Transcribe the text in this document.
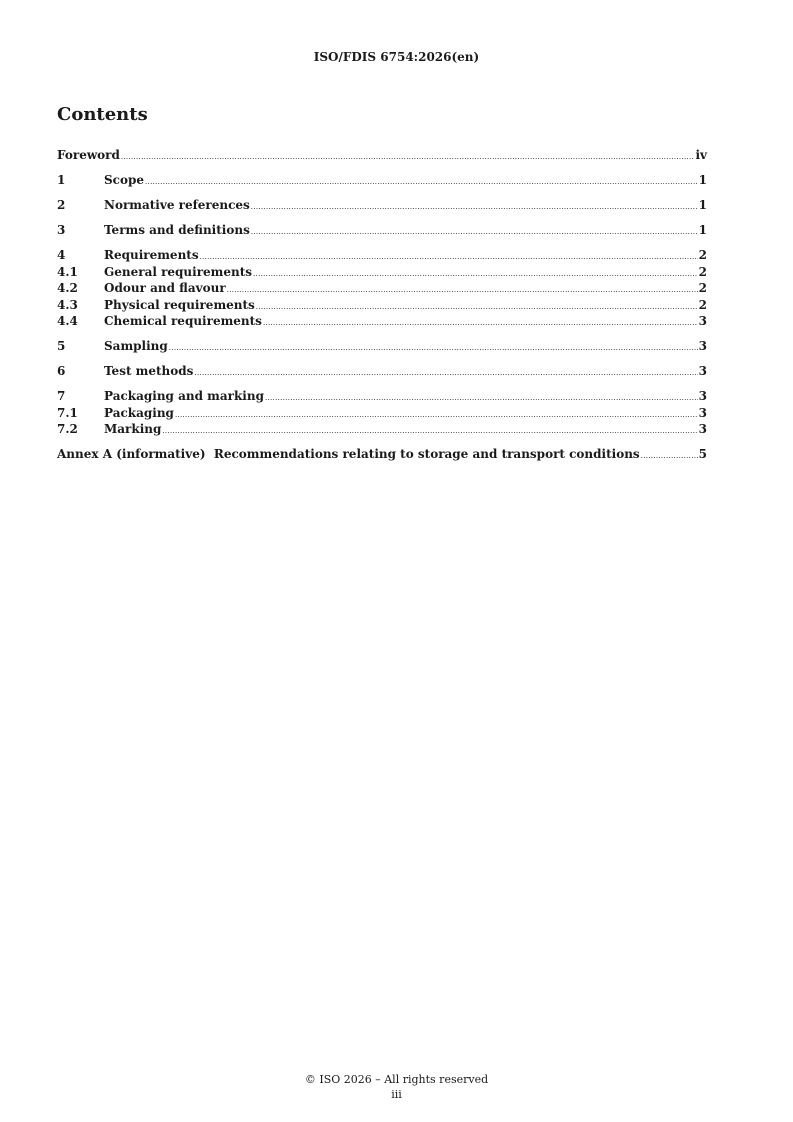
ISO/FDIS 6754:2026(en)
Contents
Foreword .....	iv
1	Scope .....	1
2	Normative references .....	1
3	Terms and definitions .....	1
4	Requirements .....	2
4.1	General requirements .....	2
4.2	Odour and flavour .....	2
4.3	Physical requirements .....	2
4.4	Chemical requirements .....	3
5	Sampling .....	3
6	Test methods .....	3
7	Packaging and marking .....	3
7.1	Packaging .....	3
7.2	Marking .....	3
Annex A (informative)  Recommendations relating to storage and transport conditions .....	5
© ISO 2026 – All rights reserved
iii
